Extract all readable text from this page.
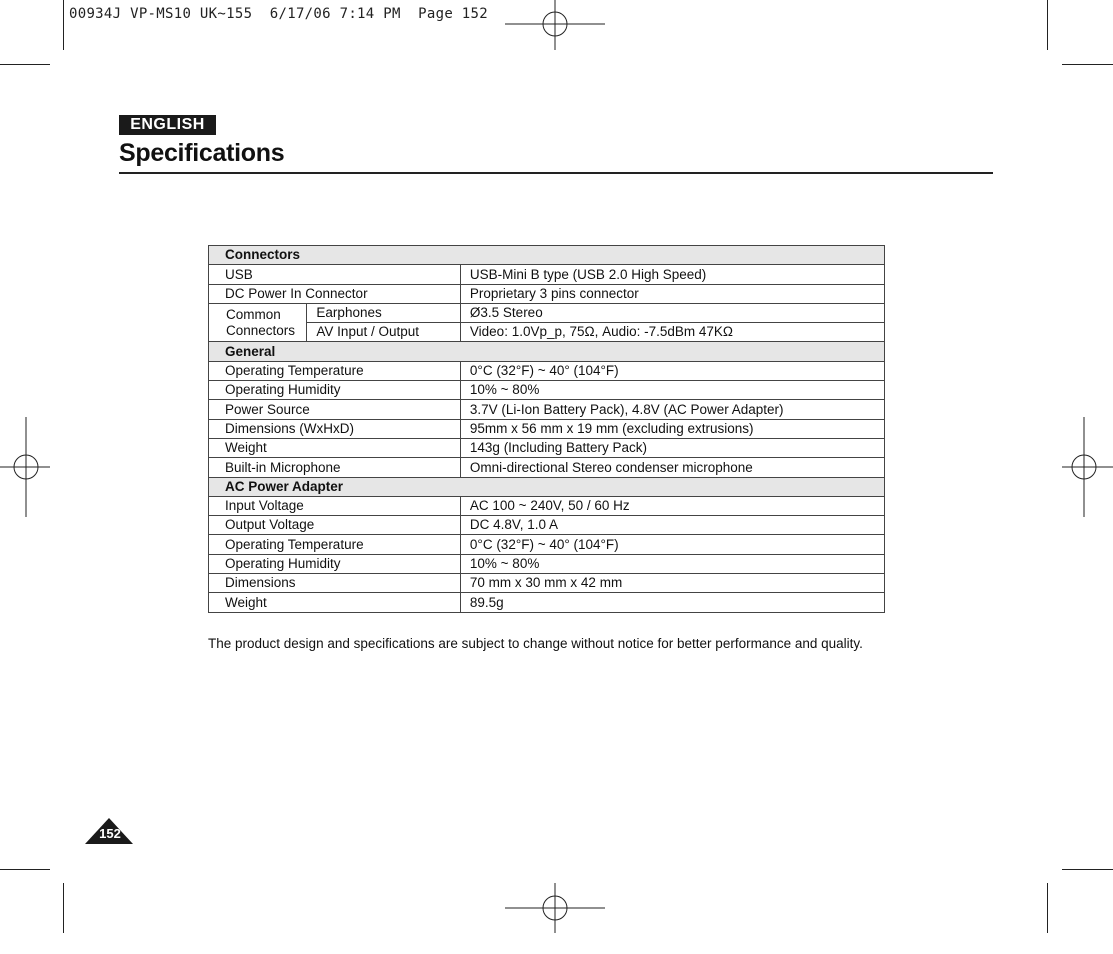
00934J VP-MS10 UK~155  6/17/06 7:14 PM  Page 152
ENGLISH
Specifications
Connectors		
USB		USB-Mini B type (USB 2.0 High Speed)
DC Power In Connector		Proprietary 3 pins connector

Common
Connectors	Earphones	Ø3.5 Stereo
	AV Input / Output	Video: 1.0Vp_p, 75Ω, Audio: -7.5dBm 47KΩ
General		
Operating Temperature		0°C (32°F) ~ 40° (104°F)
Operating Humidity		10% ~ 80%
Power Source		3.7V (Li-Ion Battery Pack), 4.8V (AC Power Adapter)
Dimensions (WxHxD)		95mm x 56 mm x 19 mm (excluding extrusions)
Weight		143g (Including Battery Pack)
Built-in Microphone		Omni-directional Stereo condenser microphone
AC Power Adapter		
Input Voltage		AC 100 ~ 240V, 50 / 60 Hz
Output Voltage		DC 4.8V, 1.0 A
Operating Temperature		0°C (32°F) ~ 40° (104°F)
Operating Humidity		10% ~ 80%
Dimensions		70 mm x 30 mm x 42 mm
Weight		89.5g
The product design and specifications are subject to change without notice for better performance and quality.
152
